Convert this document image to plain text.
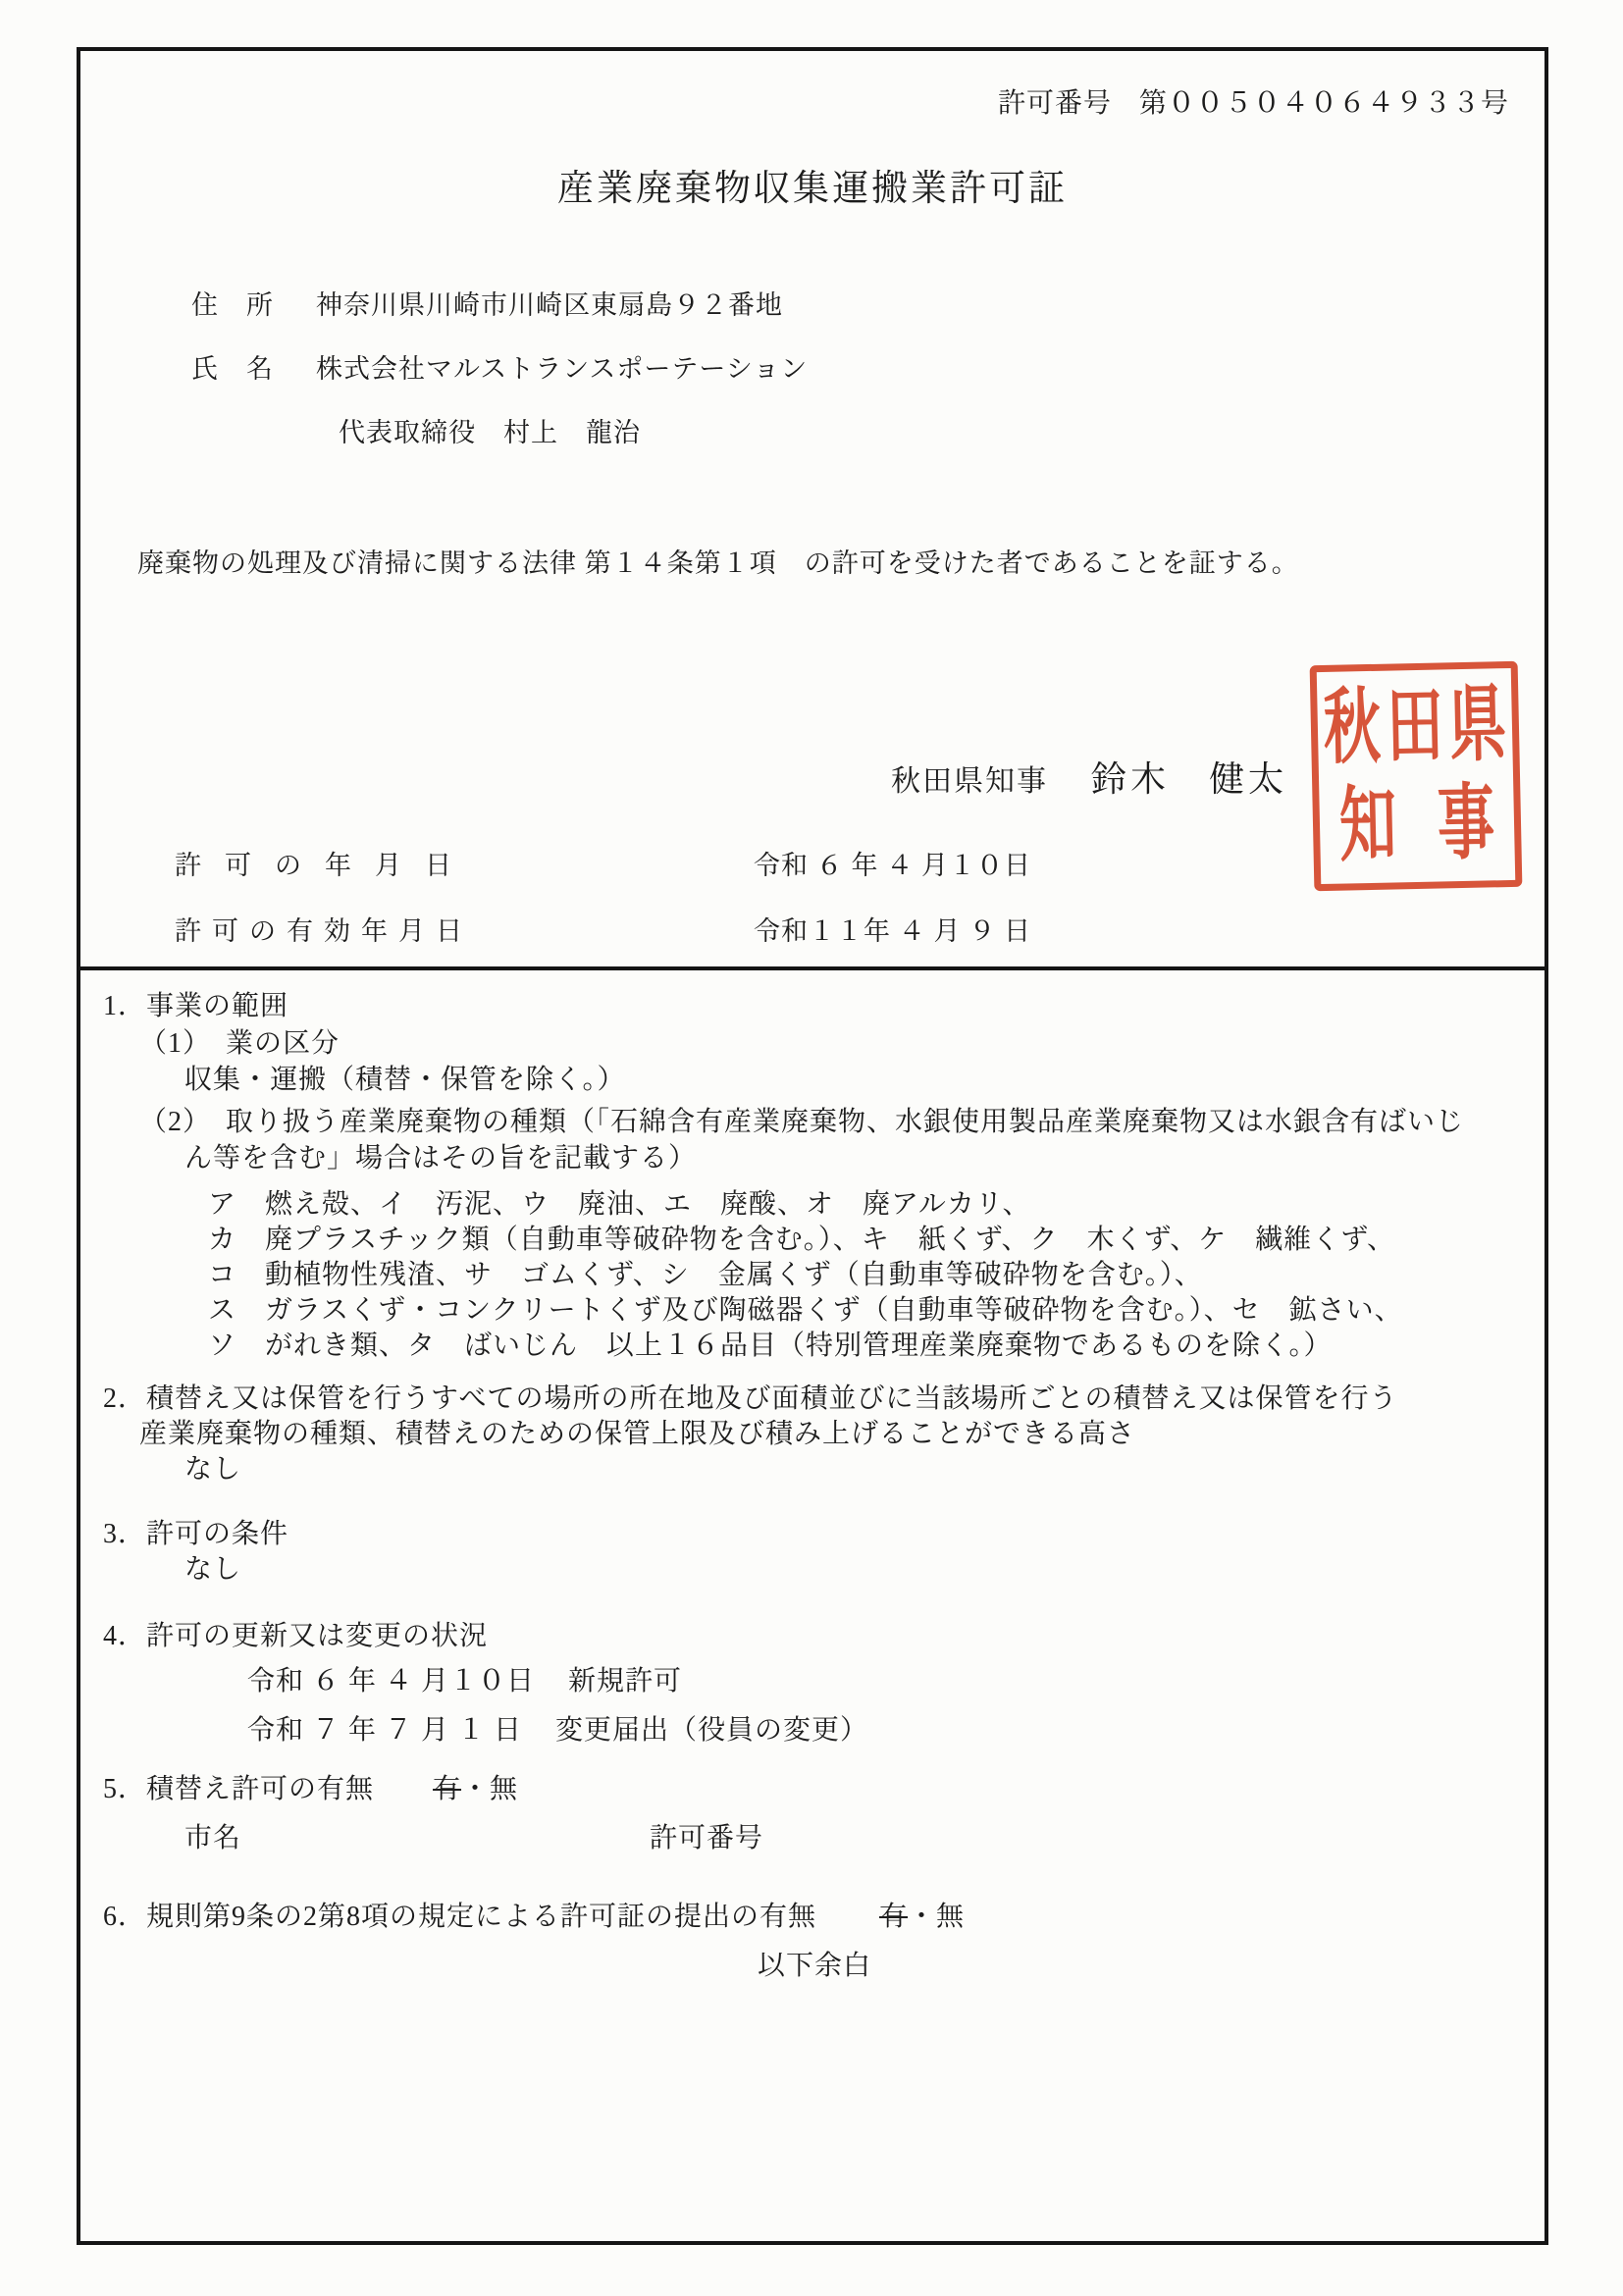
許可番号 第００５０４０６４９３３号
産業廃棄物収集運搬業許可証
住　所 神奈川県川崎市川崎区東扇島９２番地
氏　名 株式会社マルストランスポーテーション
代表取締役　村上　龍治
廃棄物の処理及び清掃に関する法律 第１４条第１項　の許可を受けた者であることを証する。
秋田県知事 鈴木　健太
秋 田 県
知 事
許可の年月日	令和 ６ 年 ４ 月１０日
許可の有効年月日	令和１１年 ４ 月 ９ 日
1．事業の範囲
（1）　業の区分
収集・運搬（積替・保管を除く。）
（2）　取り扱う産業廃棄物の種類（「石綿含有産業廃棄物、水銀使用製品産業廃棄物又は水銀含有ばいじ
ん等を含む」場合はその旨を記載する）
ア　燃え殻、イ　汚泥、ウ　廃油、エ　廃酸、オ　廃アルカリ、
カ　廃プラスチック類（自動車等破砕物を含む。）、キ　紙くず、ク　木くず、ケ　繊維くず、
コ　動植物性残渣、サ　ゴムくず、シ　金属くず（自動車等破砕物を含む。）、
ス　ガラスくず・コンクリートくず及び陶磁器くず（自動車等破砕物を含む。）、セ　鉱さい、
ソ　がれき類、タ　ばいじん　以上１６品目（特別管理産業廃棄物であるものを除く。）
2．積替え又は保管を行うすべての場所の所在地及び面積並びに当該場所ごとの積替え又は保管を行う
産業廃棄物の種類、積替えのための保管上限及び積み上げることができる高さ
なし
3．許可の条件
なし
4．許可の更新又は変更の状況
令和 ６ 年 ４ 月１０日 新規許可
令和 ７ 年 ７ 月 １ 日 変更届出（役員の変更）
5．積替え許可の有無 有・無
市名	許可番号
6．規則第9条の2第8項の規定による許可証の提出の有無 有・無
以下余白
